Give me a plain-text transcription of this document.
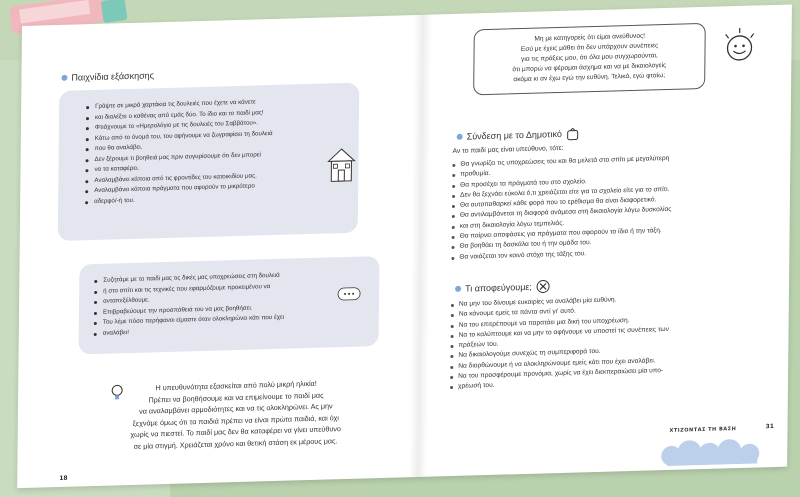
Παιχνίδια εξάσκησης
Γράψτε σε μικρά χαρτάκια τις δουλειές που έχετε να κάνετε
και διαλέξτε ο καθένας από εμάς δύο. Το ίδιο και το παιδί μας!
Φτιάχνουμε το «Ημερολόγιο με τις δουλειές του Σαββάτου».
Κάτω από το όνομά του, του αφήνουμε να ζωγραφίσει τη δουλειά
που θα αναλάβει.
Δεν ξέρουμε τι βοηθειά μας πριν συγυρίσουμε ότι δεν μπορεί
να τα καταφέρει.
Αναλαμβάνει κάποια από τις φροντίδες του κατοικιδίου μας.
Αναλαμβάνει κάποια πράγματα που αφορούν το μικρότερο
αδερφό/-ή του.
Συζητάμε με το παιδί μας τις δικές μας υποχρεώσεις στη δουλειά
ή στο σπίτι και τις τεχνικές που εφαρμόζουμε προκειμένου να
ανταπεξέλθουμε.
Επιβραβεύουμε την προσπάθειά του να μας βοηθήσει.
Του λέμε πόσο περήφανοι είμαστε όταν ολοκληρώνει κάτι που έχει
αναλάβει!
Η υπευθυνότητα εξασκείται από πολύ μικρή ηλικία!
Πρέπει να βοηθήσουμε και να επιμείνουμε το παιδί μας
να αναλαμβάνει αρμοδιότητες και να τις ολοκληρώνει. Ας μην
ξεχνάμε όμως ότι τα παιδιά πρέπει να είναι πρώτα παιδιά, και όχι
χωρίς να πιεστεί. Το παιδί μας δεν θα καταφέρει να γίνει υπεύθυνο
σε μία στιγμή. Χρειάζεται χρόνο και θετική στάση εκ μέρους μας.
18
Μη με κατηγορείς ότι είμαι ανεύθυνος!
Εσύ με έχεις μάθει ότι δεν υπάρχουν συνέπειες
για τις πράξεις μου, ότι όλα μου συγχωρούνται,
ότι μπορώ να φέρομαι άσχημα και να με δικαιολογείς
ακόμα κι αν έχω εγώ την ευθύνη. Τελικά, εγώ φταίω;
Σύνδεση με το Δημοτικό
Αν το παιδί μας είναι υπεύθυνο, τότε:
Θα γνωρίζει τις υποχρεώσεις του και θα μελετά στο σπίτι με μεγαλύτερη
προθυμία.
Θα προσέχει τα πράγματά του στο σχολείο.
Δεν θα ξεχνάει εύκολα ό,τι χρειάζεται είτε για το σχολείο είτε για το σπίτι.
Θα αυτοπαθαρκεί κάθε φορά που το ερέθισμα θα είναι διαφορετικό.
Θα αντιλαμβάνεται τη διαφορά ανάμεσα στη δικαιολογία λόγω δυσκολίας
και στη δικαιολογία λόγω τεμπελιάς.
Θα παίρνει αποφάσεις για πράγματα που αφορούν το ίδιο ή την τάξη.
Θα βοηθάει τη δασκάλα του ή την ομάδα του.
Θα νοιάζεται τον κοινό στόχο της τάξης του.
Τι αποφεύγουμε;
Να μην του δίνουμε ευκαιρίες να αναλάβει μία ευθύνη.
Να κάνουμε εμείς τα πάντα αντί γι' αυτό.
Να του επιτρέπουμε να παρατάει μια δική του υποχρέωση.
Να το καλύπτουμε και να μην το αφήνουμε να υποστεί τις συνέπειες των
πράξεών του.
Να δικαιολογούμε συνεχώς τη συμπεριφορά του.
Να διορθώνουμε ή να ολοκληρώνουμε εμείς κάτι που έχει αναλάβει.
Να του προσφέρουμε προνόμια, χωρίς να έχει διεκπεραιώσει μία υπο-
χρέωσή του.
ΧΤΙΖΟΝΤΑΣ ΤΗ ΒΑΣΗ	31
